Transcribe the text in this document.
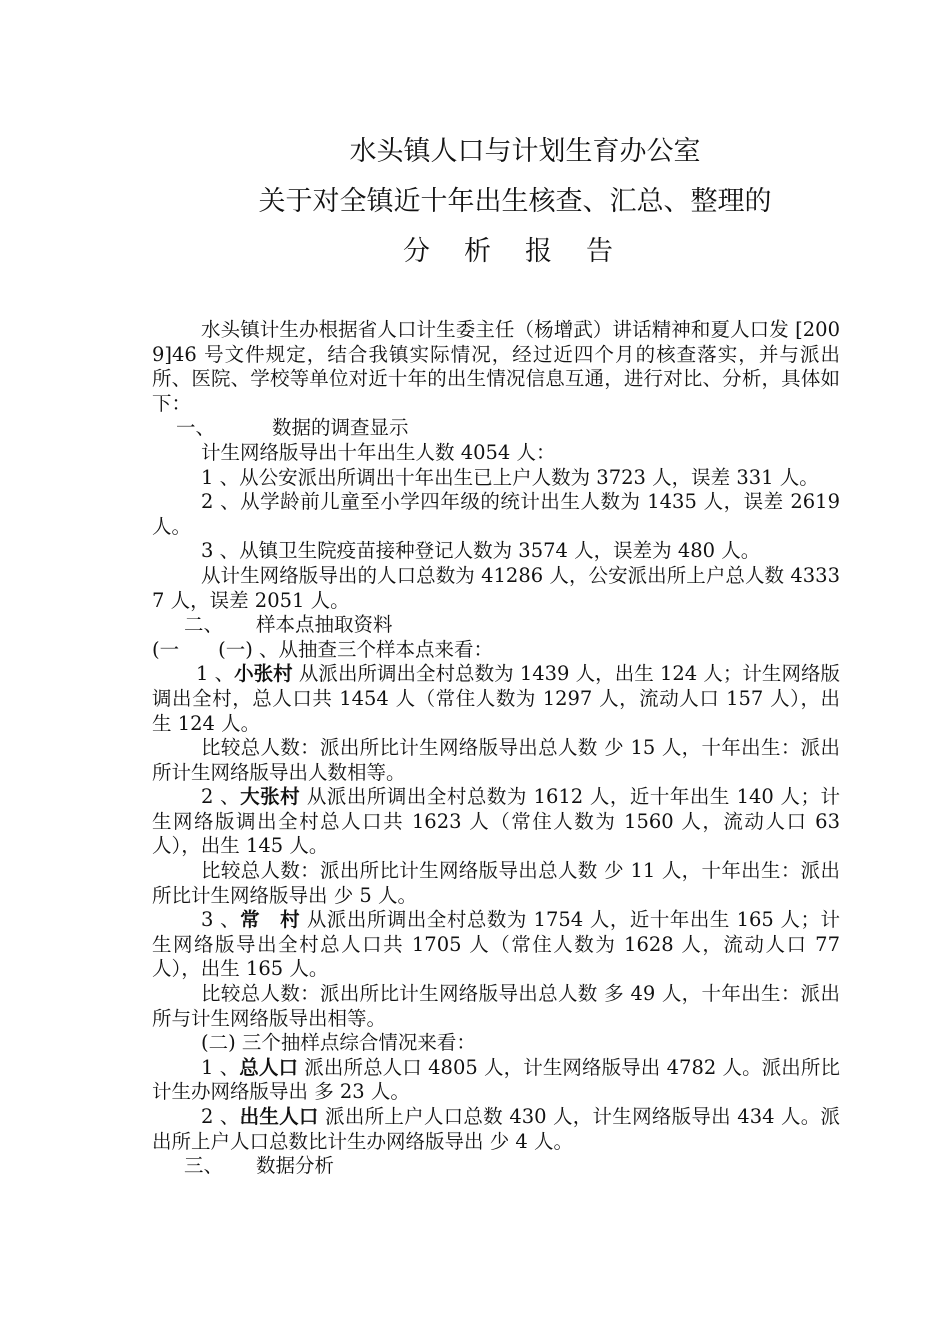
水头镇人口与计划生育办公室
关于对全镇近十年出生核查、汇总、整理的
分析报告

水头镇计生办根据省人口计生委主任（杨增武）讲话精神和夏人口发 [2009]46 号文件规定，结合我镇实际情况，经过近四个月的核查落实，并与派出所、医院、学校等单位对近十年的出生情况信息互通，进行对比、分析，具体如下：

一、	数据的调查显示

计生网络版导出十年出生人数 4054 人：

1 、从公安派出所调出十年出生已上户人数为 3723 人，误差 331 人。

2 、从学龄前儿童至小学四年级的统计出生人数为 1435 人，误差 2619 人。

3 、从镇卫生院疫苗接种登记人数为 3574 人，误差为 480 人。

从计生网络版导出的人口总数为 41286 人，公安派出所上户总人数 43337 人，误差 2051 人。

二、 样本点抽取资料

(一　　(一) 、从抽查三个样本点来看：

1 、小张村 从派出所调出全村总数为 1439 人，出生 124 人；计生网络版调出全村，总人口共 1454 人（常住人数为 1297 人，流动人口 157 人），出生 124 人。

比较总人数：派出所比计生网络版导出总人数 少 15 人，十年出生：派出所计生网络版导出人数相等。

2 、大张村 从派出所调出全村总数为 1612 人，近十年出生 140 人；计生网络版调出全村总人口共 1623 人（常住人数为 1560 人，流动人口 63 人），出生 145 人。

比较总人数：派出所比计生网络版导出总人数 少 11 人，十年出生：派出所比计生网络版导出 少 5 人。

3 、常　村 从派出所调出全村总数为 1754 人，近十年出生 165 人；计生网络版导出全村总人口共 1705 人（常住人数为 1628 人，流动人口 77 人），出生 165 人。

比较总人数：派出所比计生网络版导出总人数 多 49 人，十年出生：派出所与计生网络版导出相等。

(二) 三个抽样点综合情况来看：

1 、总人口 派出所总人口 4805 人，计生网络版导出 4782 人。派出所比计生办网络版导出 多 23 人。

2 、出生人口 派出所上户人口总数 430 人，计生网络版导出 434 人。派出所上户人口总数比计生办网络版导出 少 4 人。

三、 数据分析
